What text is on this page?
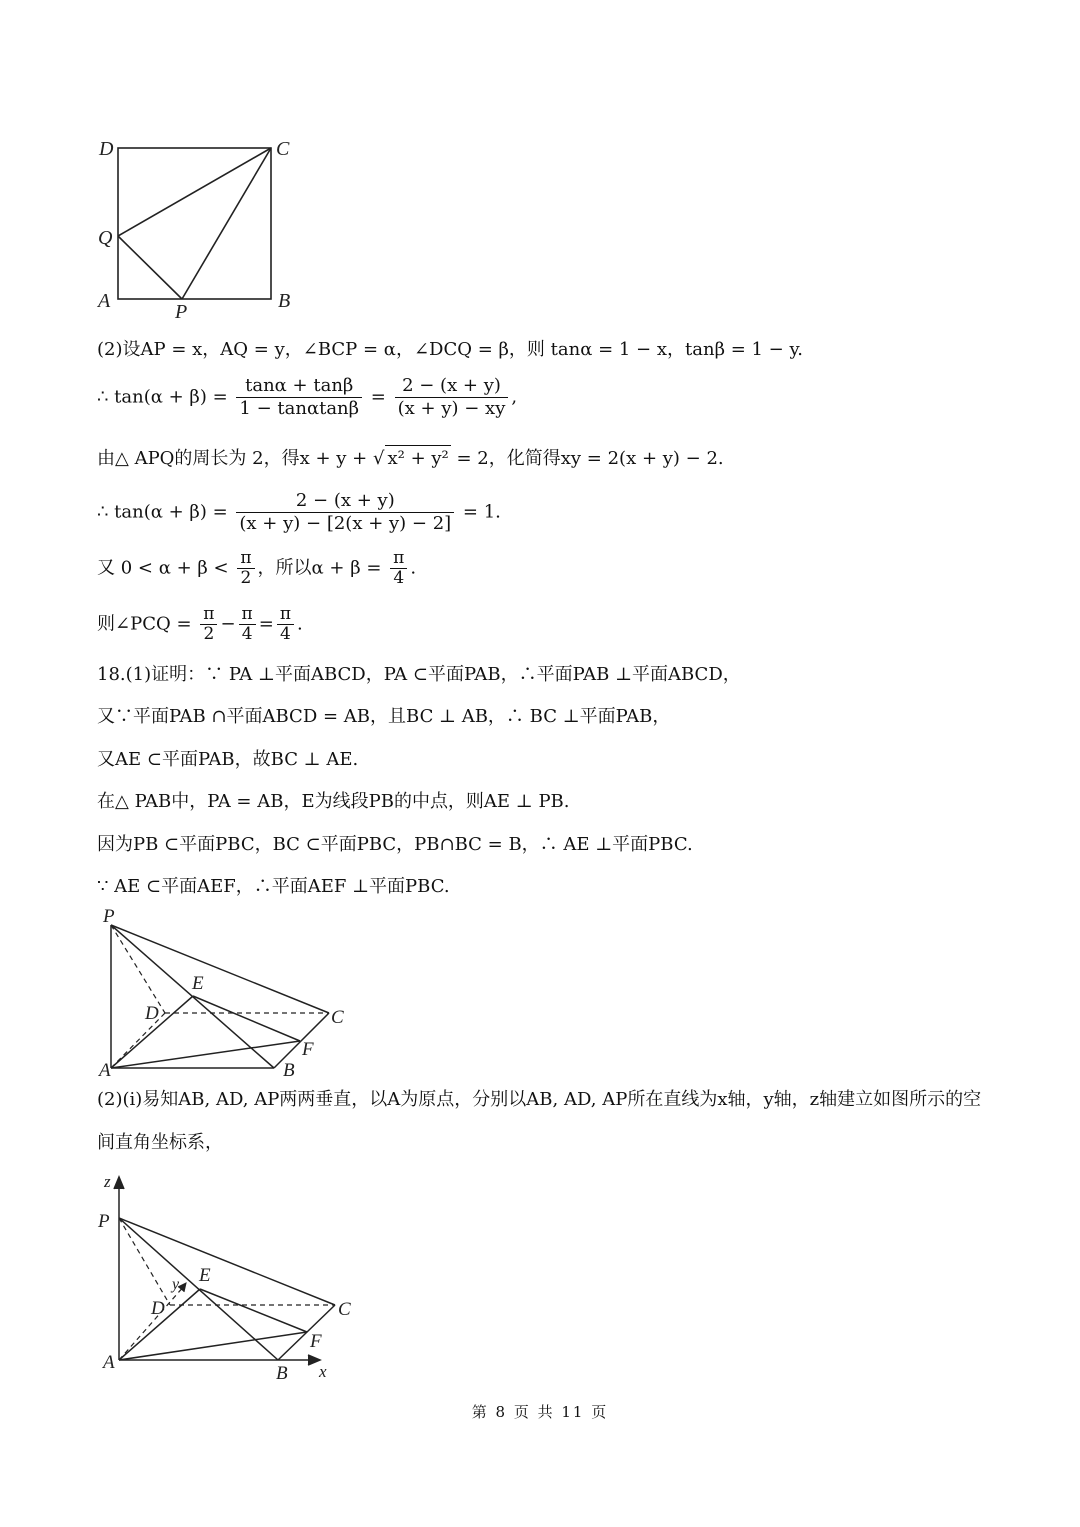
D	C
Q
A	B
P
(2)设AP = x，AQ = y，∠BCP = α，∠DCQ = β，则 tanα = 1 − x，tanβ = 1 − y.
∴ $\tan(\alpha + \beta) = \frac{\tan\alpha + \tan\beta}{1 - \tan\alpha\tan\beta} = \frac{2 - (x + y)}{(x + y) - xy}$ ,
由△ APQ的周长为 2，得x + y + √ x² + y² = 2，化简得xy = 2(x + y) − 2.
∴ $\tan(\alpha + \beta) = \frac{2 - (x + y)}{(x + y) - [2(x + y) - 2]} = 1$.
又 $0 < \alpha + \beta < \frac{\pi}{2}$ ，所以$\alpha + \beta = \frac{\pi}{4}$ .
则∠PCQ = $\frac{\pi}{2} - \frac{\pi}{4} = \frac{\pi}{4}$ .
18.(1)证明：∵ PA ⊥平面ABCD，PA ⊂平面PAB，∴平面PAB ⊥平面ABCD，
又∵平面PAB ∩平面ABCD = AB，且BC ⊥ AB，∴ BC ⊥平面PAB，
又AE ⊂平面PAB，故BC ⊥ AE.
在△ PAB中，PA = AB，E为线段PB的中点，则AE ⊥ PB.
因为PB ⊂平面PBC，BC ⊂平面PBC，PB∩BC = B，∴ AE ⊥平面PBC.
∵ AE ⊂平面AEF，∴平面AEF ⊥平面PBC.
P
E
D	C
F
A	B
(2)(i)易知AB, AD, AP两两垂直，以A为原点，分别以AB, AD, AP所在直线为x轴，y轴，z轴建立如图所示的空
间直角坐标系，
z
P
E
y
D	C
F
A
B x
第 8 页 共 11 页
